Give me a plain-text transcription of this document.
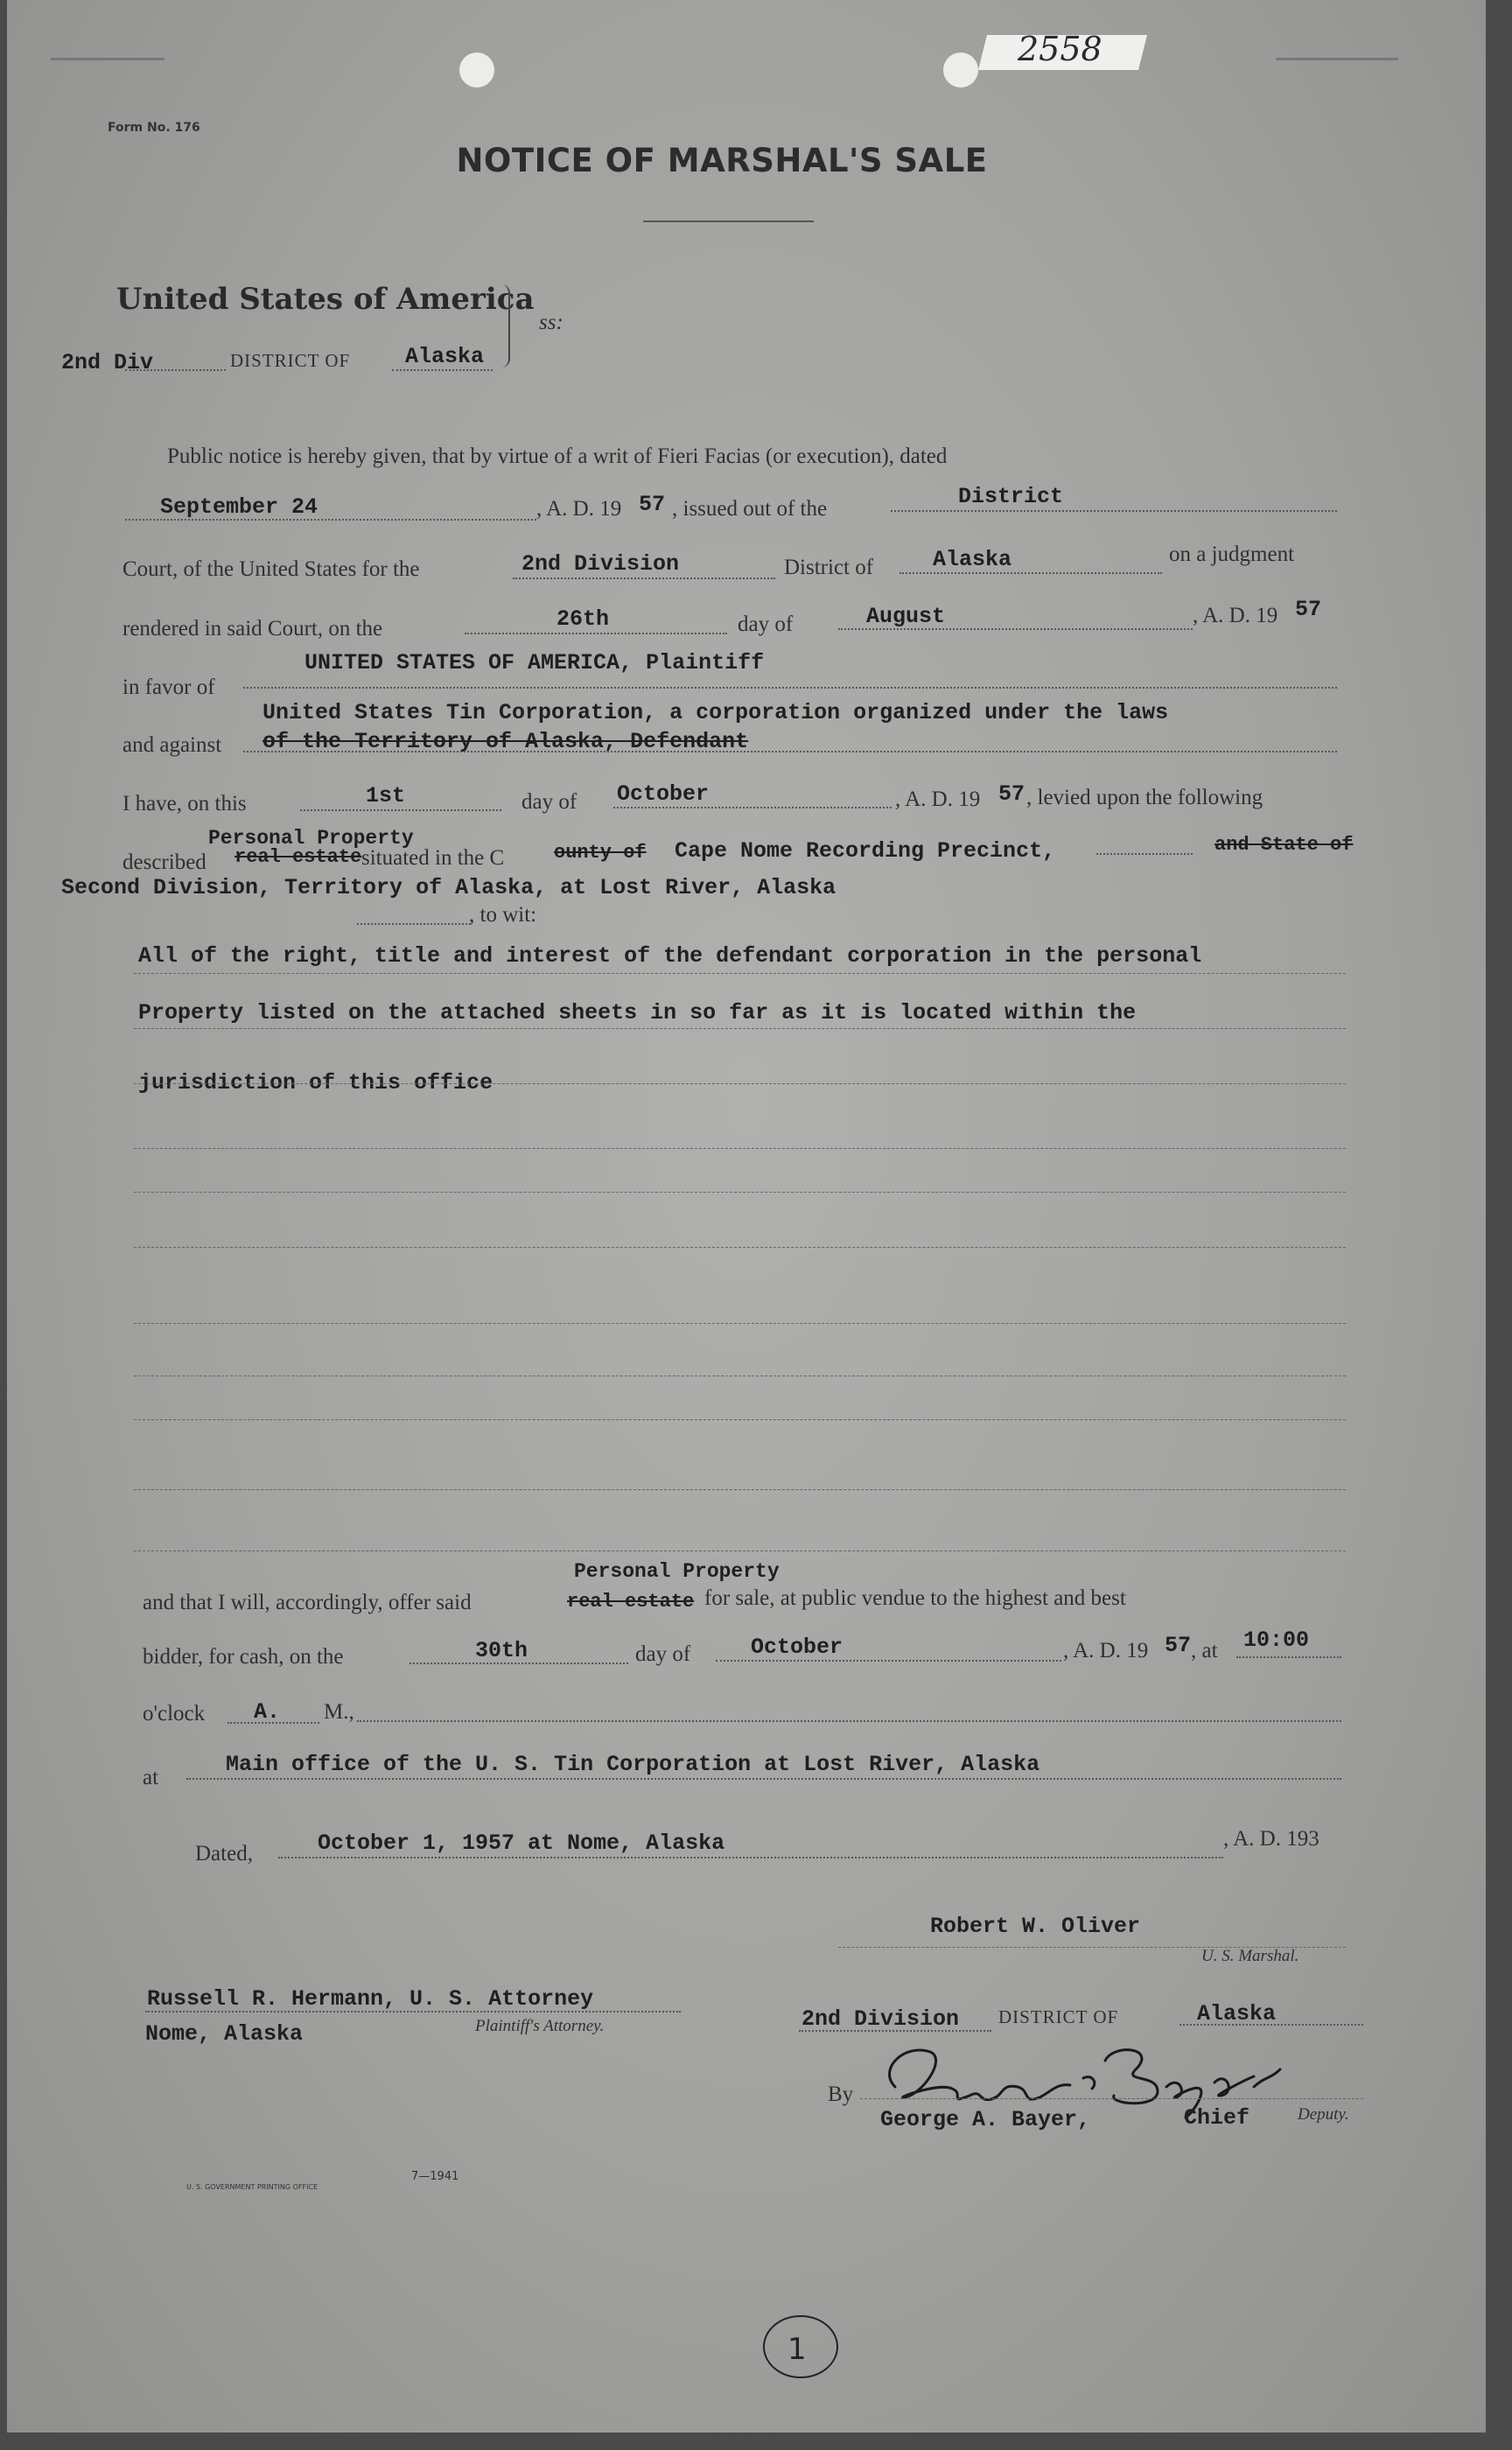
2558
Form No. 176
NOTICE OF MARSHAL'S SALE
United States of America
ss:
2nd Div	DISTRICT OF	Alaska
Public notice is hereby given, that by virtue of a writ of Fieri Facias (or execution), dated
September 24	, A. D. 19 57 , issued out of the	District
Court, of the United States for the	2nd Division	District of	Alaska	on a judgment
rendered in said Court, on the	26th	day of	August	, A. D. 19 57
in favor of
UNITED STATES OF AMERICA, Plaintiff
United States Tin Corporation, a corporation organized under the laws
and against of the Territory of Alaska, Defendant
I have, on this	1st	day of October	, A. D. 19 57 , levied upon the following
Personal Property
described real estate situated in the C	ounty of Cape Nome Recording Precinct,	and State of
Second Division, Territory of Alaska, at Lost River, Alaska
, to wit:
All of the right, title and interest of the defendant corporation in the personal
Property listed on the attached sheets in so far as it is located within the
jurisdiction of this office
Personal Property
and that I will, accordingly, offer said	real estate for sale, at public vendue to the highest and best
bidder, for cash, on the	30th	day of	October	, A. D. 19 57 , at 10:00
o'clock A. M.,
at
Main office of the U. S. Tin Corporation at Lost River, Alaska
Dated,	October 1, 1957 at Nome, Alaska	, A. D. 193
Robert W. Oliver
U. S. Marshal.
Russell R. Hermann, U. S. Attorney
Nome, Alaska	Plaintiff's Attorney.	2nd Division DISTRICT OF	Alaska
By
George A. Bayer,	Chief	Deputy.
U. S. GOVERNMENT PRINTING OFFICE
7—1941
1
